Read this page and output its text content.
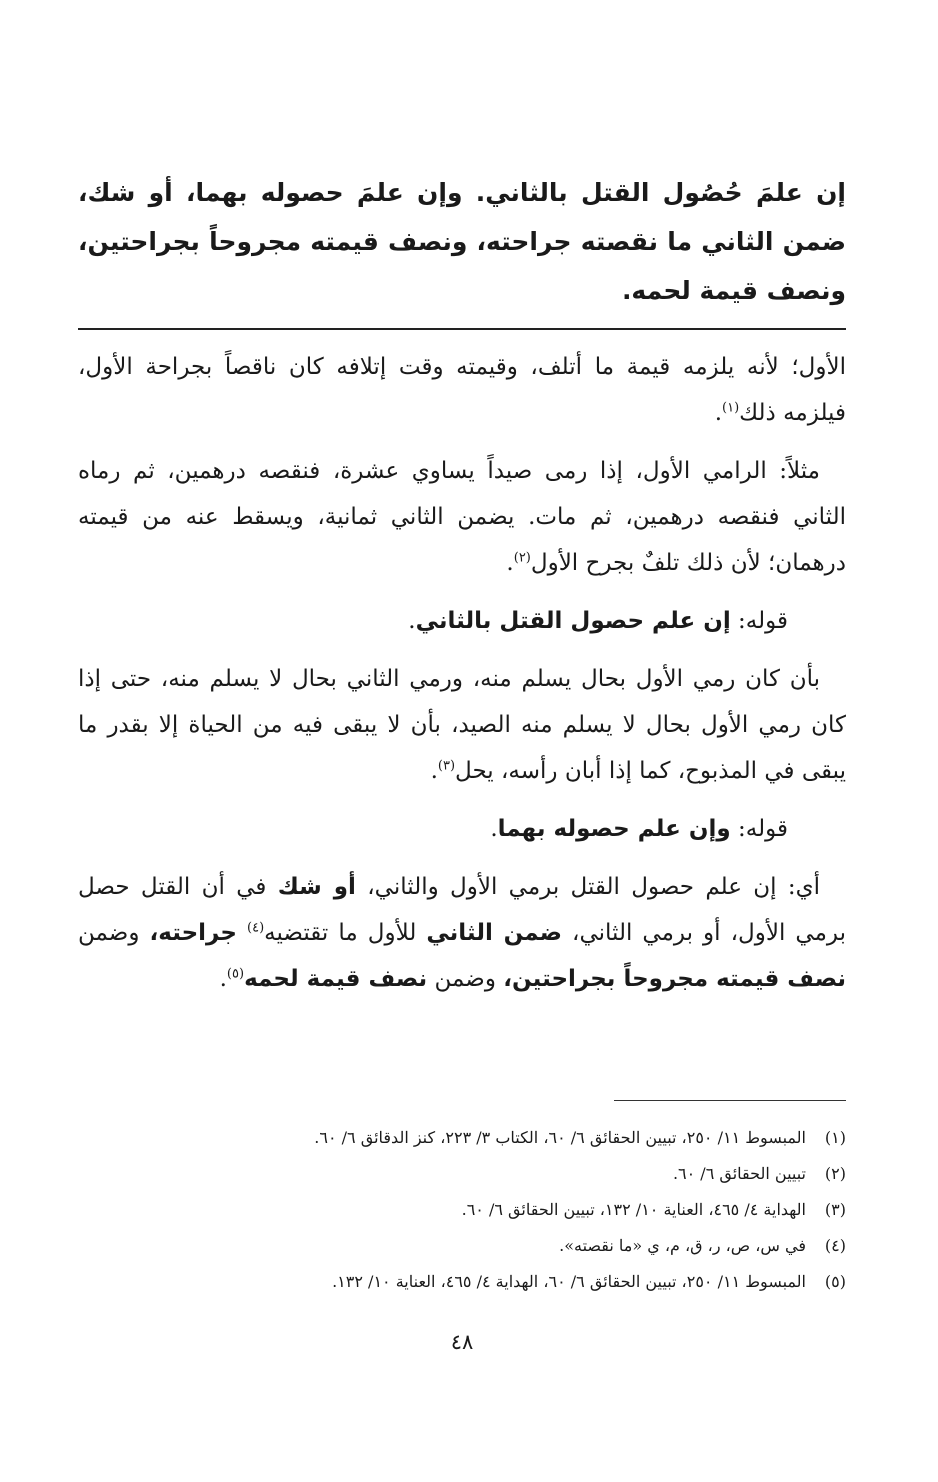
إن علمَ حُصُول القتل بالثاني. وإن علمَ حصوله بهما، أو شك، ضمن الثاني ما نقصته جراحته، ونصف قيمته مجروحاً بجراحتين، ونصف قيمة لحمه.

الأول؛ لأنه يلزمه قيمة ما أتلف، وقيمته وقت إتلافه كان ناقصاً بجراحة الأول، فيلزمه ذلك$^{(١)}$.

مثلاً: الرامي الأول، إذا رمى صيداً يساوي عشرة، فنقصه درهمين، ثم رماه الثاني فنقصه درهمين، ثم مات. يضمن الثاني ثمانية، ويسقط عنه من قيمته درهمان؛ لأن ذلك تلفٌ بجرح الأول$^{(٢)}$.

قوله: إن علم حصول القتل بالثاني.

بأن كان رمي الأول بحال يسلم منه، ورمي الثاني بحال لا يسلم منه، حتى إذا كان رمي الأول بحال لا يسلم منه الصيد، بأن لا يبقى فيه من الحياة إلا بقدر ما يبقى في المذبوح، كما إذا أبان رأسه، يحل$^{(٣)}$.

قوله: وإن علم حصوله بهما.

أي: إن علم حصول القتل برمي الأول والثاني، أو شك في أن القتل حصل برمي الأول، أو برمي الثاني، ضمن الثاني للأول ما تقتضيه$^{(٤)}$ جراحته، وضمن نصف قيمته مجروحاً بجراحتين، وضمن نصف قيمة لحمه$^{(٥)}$.

(١)
المبسوط ١١/ ٢٥٠، تبيين الحقائق ٦/ ٦٠، الكتاب ٣/ ٢٢٣، كنز الدقائق ٦/ ٦٠.
(٢)
تبيين الحقائق ٦/ ٦٠.
(٣)
الهداية ٤/ ٤٦٥، العناية ١٠/ ١٣٢، تبيين الحقائق ٦/ ٦٠.
(٤)
في س، ص، ر، ق، م، ي «ما نقصته».
(٥)
المبسوط ١١/ ٢٥٠، تبيين الحقائق ٦/ ٦٠، الهداية ٤/ ٤٦٥، العناية ١٠/ ١٣٢.
٤٨
